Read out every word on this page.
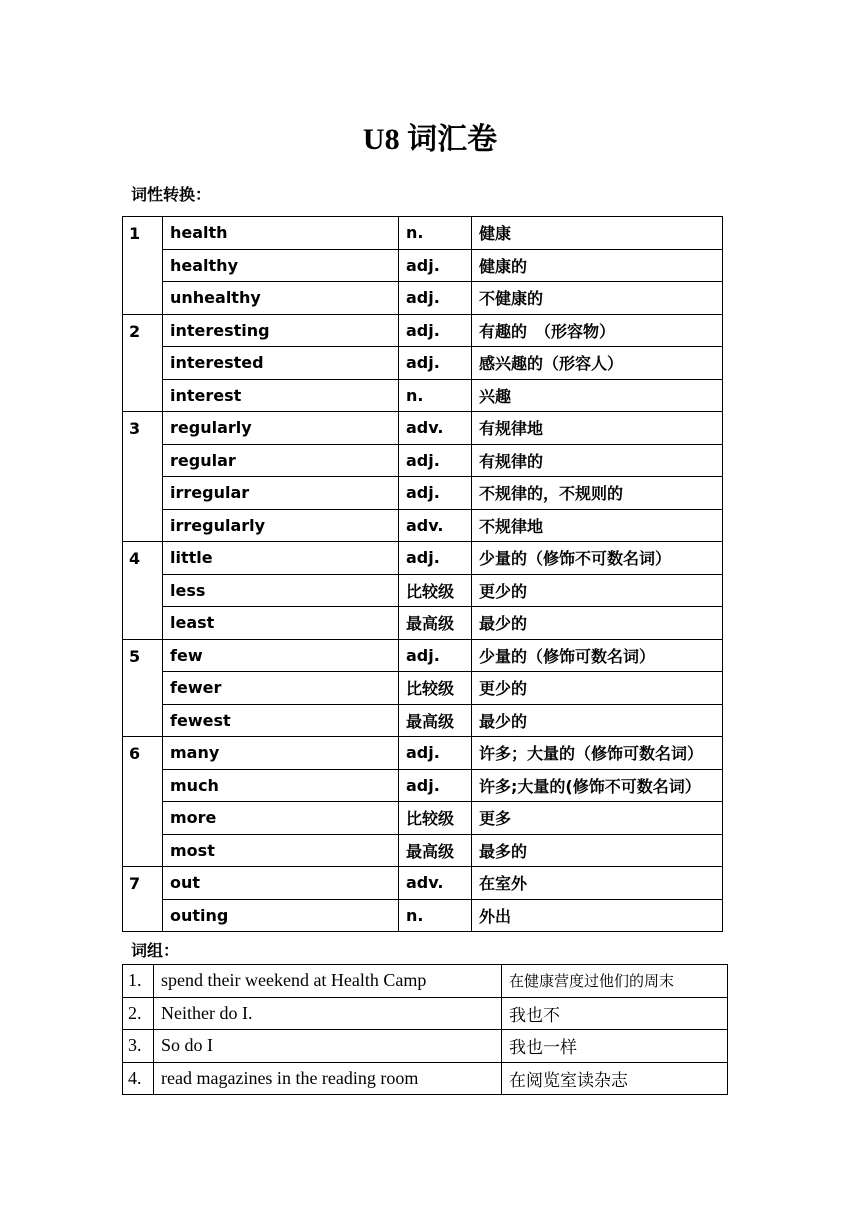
U8 词汇卷
词性转换：
1	health	n.	健康
	healthy	adj.	健康的
	unhealthy	adj.	不健康的
2	interesting	adj.	有趣的　（形容物）
	interested	adj.	感兴趣的（形容人）
	interest	n.	兴趣
3	regularly	adv.	有规律地
	regular	adj.	有规律的
	irregular	adj.	不规律的，不规则的
	irregularly	adv.	不规律地
4	little	adj.	少量的（修饰不可数名词）
	less	比较级	更少的
	least	最高级	最少的
5	few	adj.	少量的（修饰可数名词）
	fewer	比较级	更少的
	fewest	最高级	最少的
6	many	adj.	许多；大量的（修饰可数名词）
	much	adj.	许多;大量的(修饰不可数名词）
	more	比较级	更多
	most	最高级	最多的
7	out	adv.	在室外
	outing	n.	外出
词组：
1.	spend their weekend at Health Camp	在健康营度过他们的周末
2.	Neither do I.	我也不
3.	So do I	我也一样
4.	read magazines in the reading room	在阅览室读杂志
